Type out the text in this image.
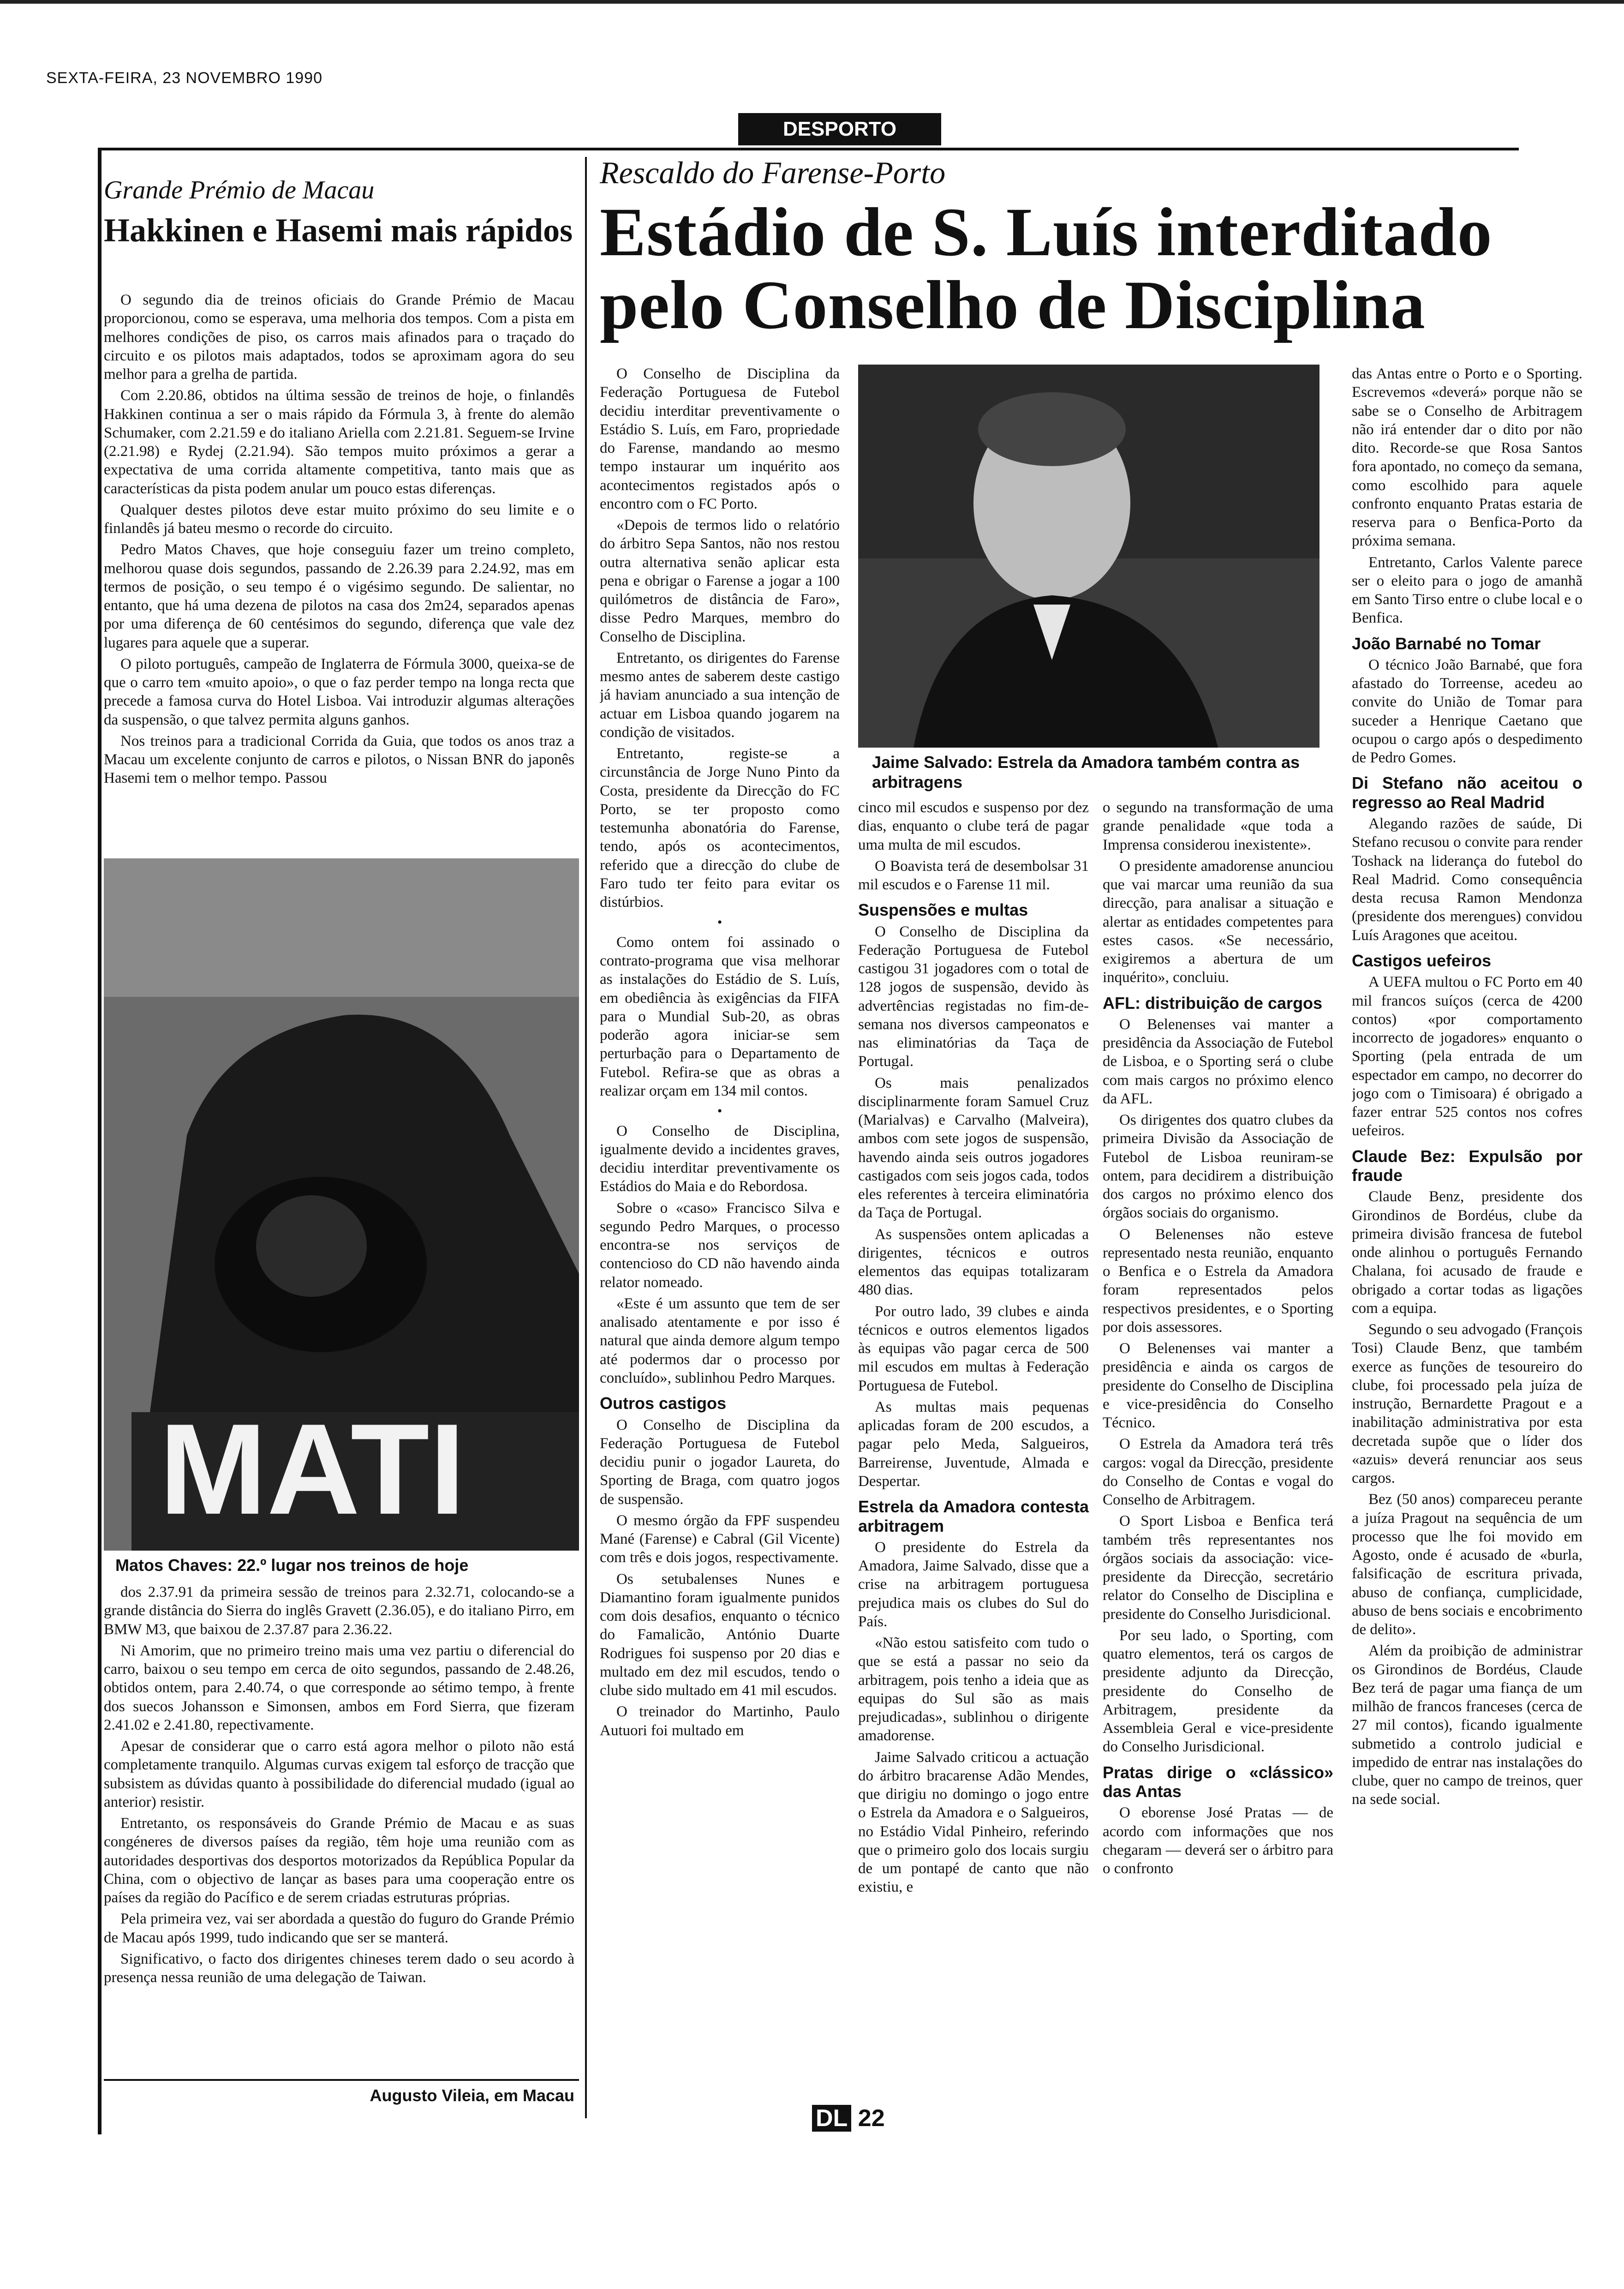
SEXTA-FEIRA, 23 NOVEMBRO 1990
DESPORTO
Grande Prémio de Macau
Hakkinen e Hasemi mais rápidos

O segundo dia de treinos oficiais do Grande Prémio de Macau proporcionou, como se esperava, uma melhoria dos tempos. Com a pista em melhores condições de piso, os carros mais afinados para o traçado do circuito e os pilotos mais adaptados, todos se aproximam agora do seu melhor para a grelha de partida.

Com 2.20.86, obtidos na última sessão de treinos de hoje, o finlandês Hakkinen continua a ser o mais rápido da Fórmula 3, à frente do alemão Schumaker, com 2.21.59 e do italiano Ariella com 2.21.81. Seguem-se Irvine (2.21.98) e Rydej (2.21.94). São tempos muito próximos a gerar a expectativa de uma corrida altamente competitiva, tanto mais que as características da pista podem anular um pouco estas diferenças.

Qualquer destes pilotos deve estar muito próximo do seu limite e o finlandês já bateu mesmo o recorde do circuito.

Pedro Matos Chaves, que hoje conseguiu fazer um treino completo, melhorou quase dois segundos, passando de 2.26.39 para 2.24.92, mas em termos de posição, o seu tempo é o vigésimo segundo. De salientar, no entanto, que há uma dezena de pilotos na casa dos 2m24, separados apenas por uma diferença de 60 centésimos do segundo, diferença que vale dez lugares para aquele que a superar.

O piloto português, campeão de Inglaterra de Fórmula 3000, queixa-se de que o carro tem «muito apoio», o que o faz perder tempo na longa recta que precede a famosa curva do Hotel Lisboa. Vai introduzir algumas alterações da suspensão, o que talvez permita alguns ganhos.

Nos treinos para a tradicional Corrida da Guia, que todos os anos traz a Macau um excelente conjunto de carros e pilotos, o Nissan BNR do japonês Hasemi tem o melhor tempo. Passou

MATI
Matos Chaves: 22.º lugar nos treinos de hoje

dos 2.37.91 da primeira sessão de treinos para 2.32.71, colocando-se a grande distância do Sierra do inglês Gravett (2.36.05), e do italiano Pirro, em BMW M3, que baixou de 2.37.87 para 2.36.22.

Ni Amorim, que no primeiro treino mais uma vez partiu o diferencial do carro, baixou o seu tempo em cerca de oito segundos, passando de 2.48.26, obtidos ontem, para 2.40.74, o que corresponde ao sétimo tempo, à frente dos suecos Johansson e Simonsen, ambos em Ford Sierra, que fizeram 2.41.02 e 2.41.80, repectivamente.

Apesar de considerar que o carro está agora melhor o piloto não está completamente tranquilo. Algumas curvas exigem tal esforço de tracção que subsistem as dúvidas quanto à possibilidade do diferencial mudado (igual ao anterior) resistir.

Entretanto, os responsáveis do Grande Prémio de Macau e as suas congéneres de diversos países da região, têm hoje uma reunião com as autoridades desportivas dos desportos motorizados da República Popular da China, com o objectivo de lançar as bases para uma cooperação entre os países da região do Pacífico e de serem criadas estruturas próprias.

Pela primeira vez, vai ser abordada a questão do fuguro do Grande Prémio de Macau após 1999, tudo indicando que ser se manterá.

Significativo, o facto dos dirigentes chineses terem dado o seu acordo à presença nessa reunião de uma delegação de Taiwan.

Augusto Vileia, em Macau
Rescaldo do Farense-Porto
Estádio de S. Luís interditado pelo Conselho de Disciplina
Jaime Salvado: Estrela da Amadora também contra as arbitragens

O Conselho de Disciplina da Federação Portuguesa de Futebol decidiu interditar preventivamente o Estádio S. Luís, em Faro, propriedade do Farense, mandando ao mesmo tempo instaurar um inquérito aos acontecimentos registados após o encontro com o FC Porto.

«Depois de termos lido o relatório do árbitro Sepa Santos, não nos restou outra alternativa senão aplicar esta pena e obrigar o Farense a jogar a 100 quilómetros de distância de Faro», disse Pedro Marques, membro do Conselho de Disciplina.

Entretanto, os dirigentes do Farense mesmo antes de saberem deste castigo já haviam anunciado a sua intenção de actuar em Lisboa quando jogarem na condição de visitados.

Entretanto, registe-se a circunstância de Jorge Nuno Pinto da Costa, presidente da Direcção do FC Porto, se ter proposto como testemunha abonatória do Farense, tendo, após os acontecimentos, referido que a direcção do clube de Faro tudo ter feito para evitar os distúrbios.

•

Como ontem foi assinado o contrato-programa que visa melhorar as instalações do Estádio de S. Luís, em obediência às exigências da FIFA para o Mundial Sub-20, as obras poderão agora iniciar-se sem perturbação para o Departamento de Futebol. Refira-se que as obras a realizar orçam em 134 mil contos.

•

O Conselho de Disciplina, igualmente devido a incidentes graves, decidiu interditar preventivamente os Estádios do Maia e do Rebordosa.

Sobre o «caso» Francisco Silva e segundo Pedro Marques, o processo encontra-se nos serviços de contencioso do CD não havendo ainda relator nomeado.

«Este é um assunto que tem de ser analisado atentamente e por isso é natural que ainda demore algum tempo até podermos dar o processo por concluído», sublinhou Pedro Marques.

Outros castigos

O Conselho de Disciplina da Federação Portuguesa de Futebol decidiu punir o jogador Laureta, do Sporting de Braga, com quatro jogos de suspensão.

O mesmo órgão da FPF suspendeu Mané (Farense) e Cabral (Gil Vicente) com três e dois jogos, respectivamente.

Os setubalenses Nunes e Diamantino foram igualmente punidos com dois desafios, enquanto o técnico do Famalicão, António Duarte Rodrigues foi suspenso por 20 dias e multado em dez mil escudos, tendo o clube sido multado em 41 mil escudos.

O treinador do Martinho, Paulo Autuori foi multado em

cinco mil escudos e suspenso por dez dias, enquanto o clube terá de pagar uma multa de mil escudos.

O Boavista terá de desembolsar 31 mil escudos e o Farense 11 mil.

Suspensões e multas

O Conselho de Disciplina da Federação Portuguesa de Futebol castigou 31 jogadores com o total de 128 jogos de suspensão, devido às advertências registadas no fim-de-semana nos diversos campeonatos e nas eliminatórias da Taça de Portugal.

Os mais penalizados disciplinarmente foram Samuel Cruz (Marialvas) e Carvalho (Malveira), ambos com sete jogos de suspensão, havendo ainda seis outros jogadores castigados com seis jogos cada, todos eles referentes à terceira eliminatória da Taça de Portugal.

As suspensões ontem aplicadas a dirigentes, técnicos e outros elementos das equipas totalizaram 480 dias.

Por outro lado, 39 clubes e ainda técnicos e outros elementos ligados às equipas vão pagar cerca de 500 mil escudos em multas à Federação Portuguesa de Futebol.

As multas mais pequenas aplicadas foram de 200 escudos, a pagar pelo Meda, Salgueiros, Barreirense, Juventude, Almada e Despertar.

Estrela da Amadora contesta arbitragem

O presidente do Estrela da Amadora, Jaime Salvado, disse que a crise na arbitragem portuguesa prejudica mais os clubes do Sul do País.

«Não estou satisfeito com tudo o que se está a passar no seio da arbitragem, pois tenho a ideia que as equipas do Sul são as mais prejudicadas», sublinhou o dirigente amadorense.

Jaime Salvado criticou a actuação do árbitro bracarense Adão Mendes, que dirigiu no domingo o jogo entre o Estrela da Amadora e o Salgueiros, no Estádio Vidal Pinheiro, referindo que o primeiro golo dos locais surgiu de um pontapé de canto que não existiu, e

o segundo na transformação de uma grande penalidade «que toda a Imprensa considerou inexistente».

O presidente amadorense anunciou que vai marcar uma reunião da sua direcção, para analisar a situação e alertar as entidades competentes para estes casos. «Se necessário, exigiremos a abertura de um inquérito», concluiu.

AFL: distribuição de cargos

O Belenenses vai manter a presidência da Associação de Futebol de Lisboa, e o Sporting será o clube com mais cargos no próximo elenco da AFL.

Os dirigentes dos quatro clubes da primeira Divisão da Associação de Futebol de Lisboa reuniram-se ontem, para decidirem a distribuição dos cargos no próximo elenco dos órgãos sociais do organismo.

O Belenenses não esteve representado nesta reunião, enquanto o Benfica e o Estrela da Amadora foram representados pelos respectivos presidentes, e o Sporting por dois assessores.

O Belenenses vai manter a presidência e ainda os cargos de presidente do Conselho de Disciplina e vice-presidência do Conselho Técnico.

O Estrela da Amadora terá três cargos: vogal da Direcção, presidente do Conselho de Contas e vogal do Conselho de Arbitragem.

O Sport Lisboa e Benfica terá também três representantes nos órgãos sociais da associação: vice-presidente da Direcção, secretário relator do Conselho de Disciplina e presidente do Conselho Jurisdicional.

Por seu lado, o Sporting, com quatro elementos, terá os cargos de presidente adjunto da Direcção, presidente do Conselho de Arbitragem, presidente da Assembleia Geral e vice-presidente do Conselho Jurisdicional.

Pratas dirige o «clássico» das Antas

O eborense José Pratas — de acordo com informações que nos chegaram — deverá ser o árbitro para o confronto

das Antas entre o Porto e o Sporting. Escrevemos «deverá» porque não se sabe se o Conselho de Arbitragem não irá entender dar o dito por não dito. Recorde-se que Rosa Santos fora apontado, no começo da semana, como escolhido para aquele confronto enquanto Pratas estaria de reserva para o Benfica-Porto da próxima semana.

Entretanto, Carlos Valente parece ser o eleito para o jogo de amanhã em Santo Tirso entre o clube local e o Benfica.

João Barnabé no Tomar

O técnico João Barnabé, que fora afastado do Torreense, acedeu ao convite do União de Tomar para suceder a Henrique Caetano que ocupou o cargo após o despedimento de Pedro Gomes.

Di Stefano não aceitou o regresso ao Real Madrid

Alegando razões de saúde, Di Stefano recusou o convite para render Toshack na liderança do futebol do Real Madrid. Como consequência desta recusa Ramon Mendonza (presidente dos merengues) convidou Luís Aragones que aceitou.

Castigos uefeiros

A UEFA multou o FC Porto em 40 mil francos suíços (cerca de 4200 contos) «por comportamento incorrecto de jogadores» enquanto o Sporting (pela entrada de um espectador em campo, no decorrer do jogo com o Timisoara) é obrigado a fazer entrar 525 contos nos cofres uefeiros.

Claude Bez: Expulsão por fraude

Claude Benz, presidente dos Girondinos de Bordéus, clube da primeira divisão francesa de futebol onde alinhou o português Fernando Chalana, foi acusado de fraude e obrigado a cortar todas as ligações com a equipa.

Segundo o seu advogado (François Tosi) Claude Benz, que também exerce as funções de tesoureiro do clube, foi processado pela juíza de instrução, Bernardette Pragout e a inabilitação administrativa por esta decretada supõe que o líder dos «azuis» deverá renunciar aos seus cargos.

Bez (50 anos) compareceu perante a juíza Pragout na sequência de um processo que lhe foi movido em Agosto, onde é acusado de «burla, falsificação de escritura privada, abuso de confiança, cumplicidade, abuso de bens sociais e encobrimento de delito».

Além da proibição de administrar os Girondinos de Bordéus, Claude Bez terá de pagar uma fiança de um milhão de francos franceses (cerca de 27 mil contos), ficando igualmente submetido a controlo judicial e impedido de entrar nas instalações do clube, quer no campo de treinos, quer na sede social.

DL 22
